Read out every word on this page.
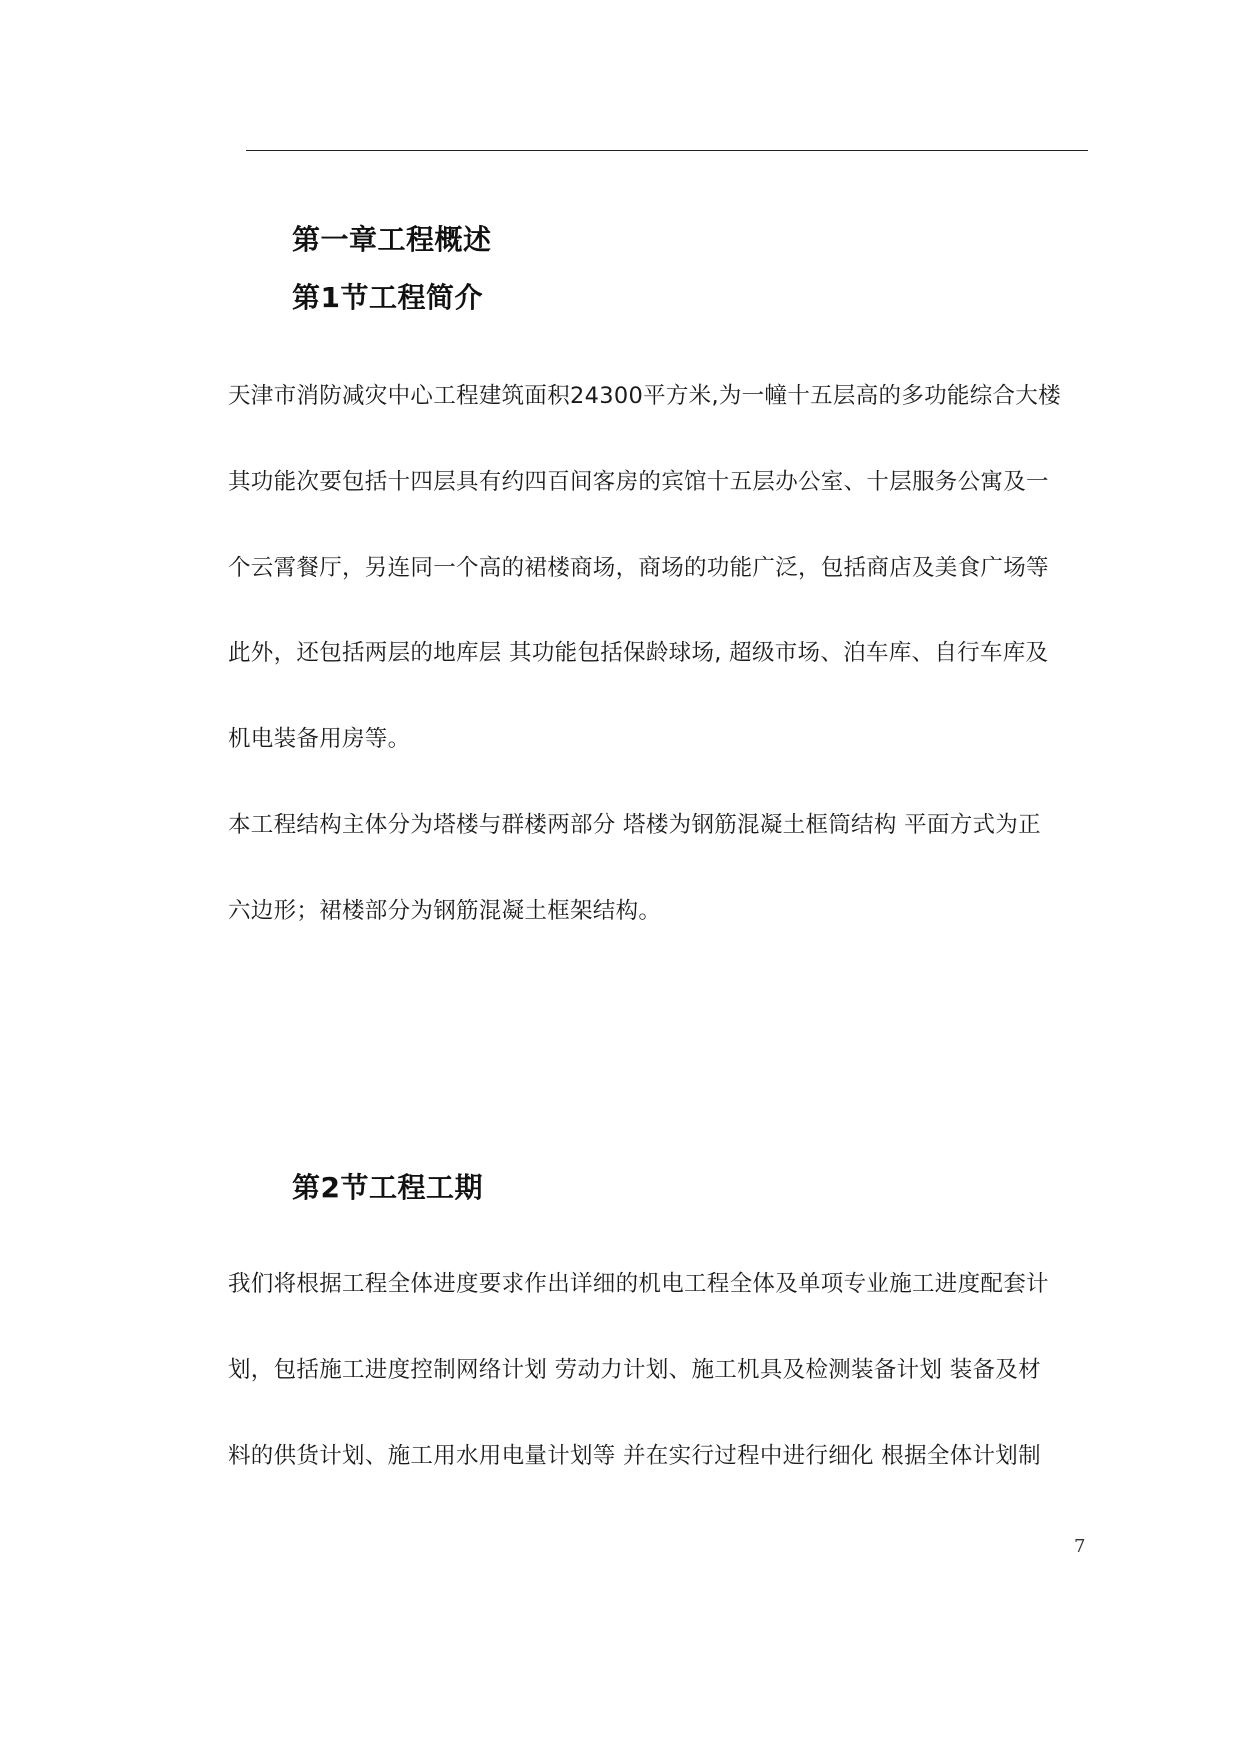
第一章工程概述
第1节工程简介
天津市消防减灾中心工程建筑面积24300平方米,为一幢十五层高的多功能综合大楼
其功能次要包括十四层具有约四百间客房的宾馆十五层办公室、十层服务公寓及一
个云霄餐厅，另连同一个高的裙楼商场，商场的功能广泛，包括商店及美食广场等
此外，还包括两层的地库层 其功能包括保龄球场, 超级市场、泊车库、自行车库及
机电装备用房等。
本工程结构主体分为塔楼与群楼两部分 塔楼为钢筋混凝土框筒结构 平面方式为正
六边形；裙楼部分为钢筋混凝土框架结构。
第2节工程工期
我们将根据工程全体进度要求作出详细的机电工程全体及单项专业施工进度配套计
划，包括施工进度控制网络计划 劳动力计划、施工机具及检测装备计划 装备及材
料的供货计划、施工用水用电量计划等 并在实行过程中进行细化 根据全体计划制
7
